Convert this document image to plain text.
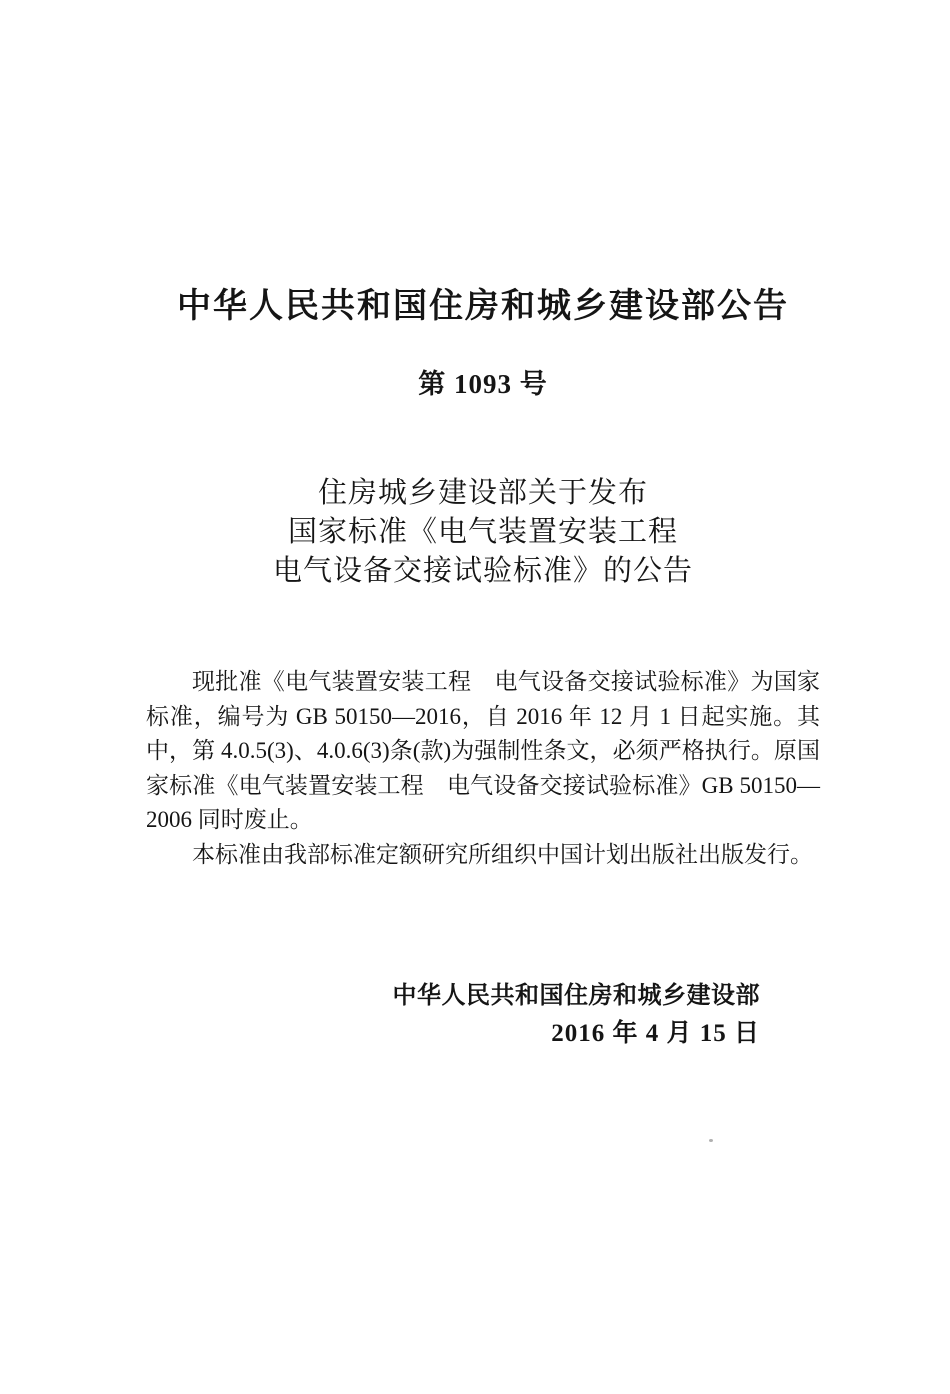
中华人民共和国住房和城乡建设部公告
第 1093 号
住房城乡建设部关于发布
国家标准《电气装置安装工程
电气设备交接试验标准》的公告

现批准《电气装置安装工程　电气设备交接试验标准》为国家标准，编号为 GB 50150—2016，自 2016 年 12 月 1 日起实施。其中，第 4.0.5(3)、4.0.6(3)条(款)为强制性条文，必须严格执行。原国家标准《电气装置安装工程　电气设备交接试验标准》GB 50150—2006 同时废止。

本标准由我部标准定额研究所组织中国计划出版社出版发行。

中华人民共和国住房和城乡建设部
2016 年 4 月 15 日
